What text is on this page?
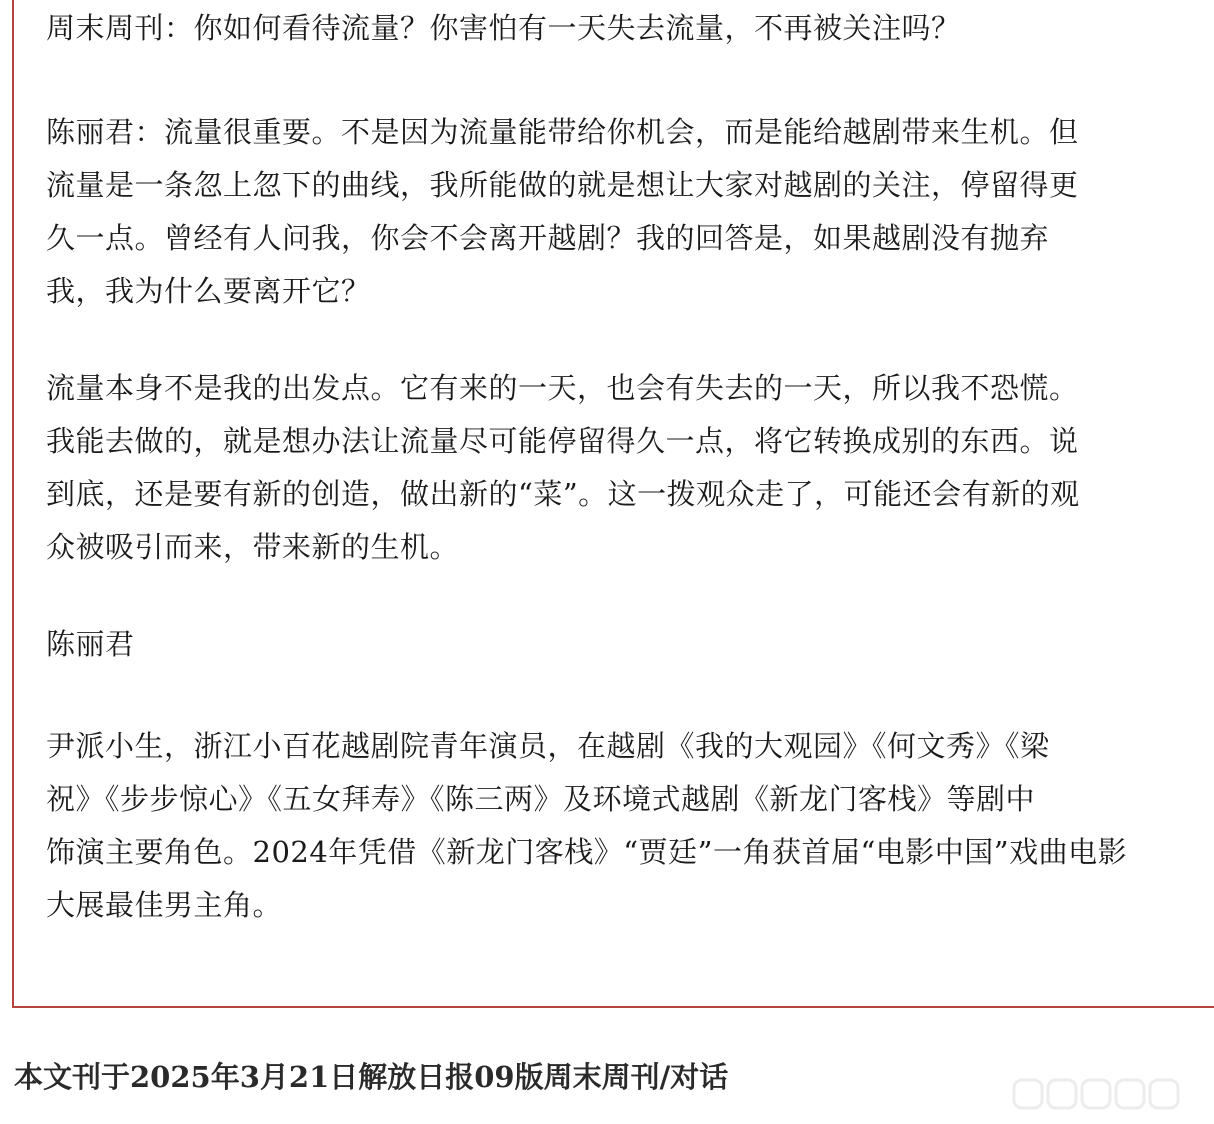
周末周刊：你如何看待流量？你害怕有一天失去流量，不再被关注吗？

陈丽君：流量很重要。不是因为流量能带给你机会，而是能给越剧带来生机。但
流量是一条忽上忽下的曲线，我所能做的就是想让大家对越剧的关注，停留得更
久一点。曾经有人问我，你会不会离开越剧？我的回答是，如果越剧没有抛弃
我，我为什么要离开它？

流量本身不是我的出发点。它有来的一天，也会有失去的一天，所以我不恐慌。
我能去做的，就是想办法让流量尽可能停留得久一点，将它转换成别的东西。说
到底，还是要有新的创造，做出新的“菜”。这一拨观众走了，可能还会有新的观
众被吸引而来，带来新的生机。

陈丽君

尹派小生，浙江小百花越剧院青年演员，在越剧《我的大观园》《何文秀》《梁
祝》《步步惊心》《五女拜寿》《陈三两》及环境式越剧《新龙门客栈》等剧中
饰演主要角色。2024年凭借《新龙门客栈》“贾廷”一角获首届“电影中国”戏曲电影
大展最佳男主角。

本文刊于2025年3月21日解放日报09版周末周刊/对话
